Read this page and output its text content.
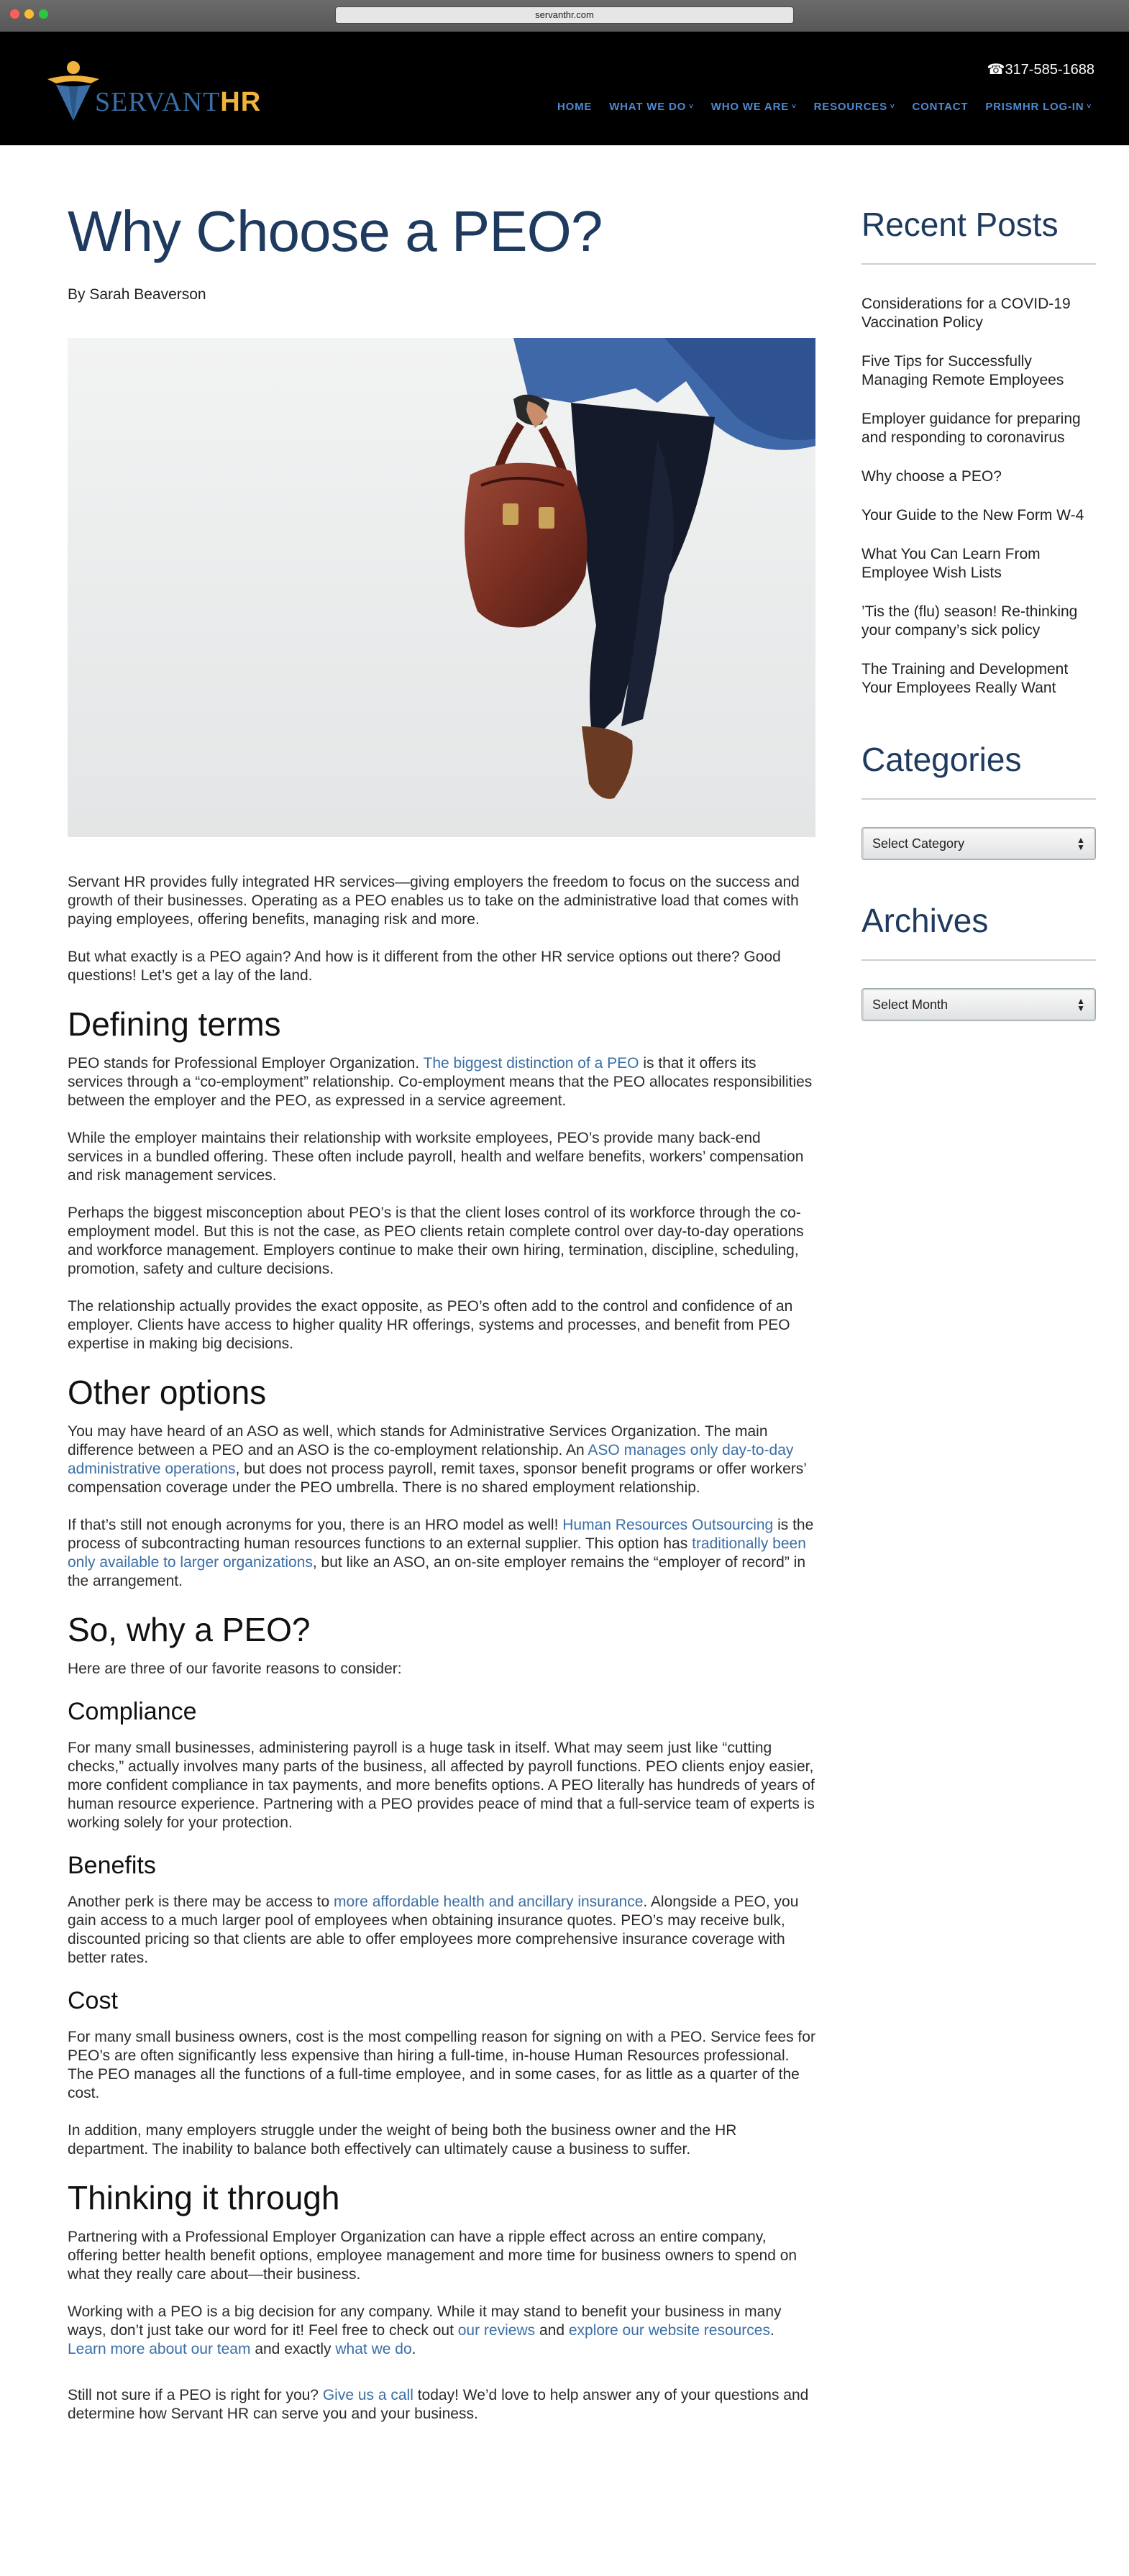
servanthr.com
SERVANTHR
☎317-585-1688
HOME WHAT WE DO ˅ WHO WE ARE ˅ RESOURCES ˅ CONTACT PRISMHR LOG-IN ˅
Why Choose a PEO?
By Sarah Beaverson

Servant HR provides fully integrated HR services—giving employers the freedom to focus on the success and growth of their businesses. Operating as a PEO enables us to take on the administrative load that comes with paying employees, offering benefits, managing risk and more.

But what exactly is a PEO again? And how is it different from the other HR service options out there? Good questions! Let’s get a lay of the land.

Defining terms

PEO stands for Professional Employer Organization. The biggest distinction of a PEO is that it offers its services through a “co-employment” relationship. Co-employment means that the PEO allocates responsibilities between the employer and the PEO, as expressed in a service agreement.

While the employer maintains their relationship with worksite employees, PEO’s provide many back-end services in a bundled offering. These often include payroll, health and welfare benefits, workers’ compensation and risk management services.

Perhaps the biggest misconception about PEO’s is that the client loses control of its workforce through the co-employment model. But this is not the case, as PEO clients retain complete control over day-to-day operations and workforce management. Employers continue to make their own hiring, termination, discipline, scheduling, promotion, safety and culture decisions.

The relationship actually provides the exact opposite, as PEO’s often add to the control and confidence of an employer. Clients have access to higher quality HR offerings, systems and processes, and benefit from PEO expertise in making big decisions.

Other options

You may have heard of an ASO as well, which stands for Administrative Services Organization. The main difference between a PEO and an ASO is the co-employment relationship. An ASO manages only day-to-day administrative operations, but does not process payroll, remit taxes, sponsor benefit programs or offer workers’ compensation coverage under the PEO umbrella. There is no shared employment relationship.

If that’s still not enough acronyms for you, there is an HRO model as well! Human Resources Outsourcing is the process of subcontracting human resources functions to an external supplier. This option has traditionally been only available to larger organizations, but like an ASO, an on-site employer remains the “employer of record” in the arrangement.

So, why a PEO?

Here are three of our favorite reasons to consider:

Compliance

For many small businesses, administering payroll is a huge task in itself. What may seem just like “cutting checks,” actually involves many parts of the business, all affected by payroll functions. PEO clients enjoy easier, more confident compliance in tax payments, and more benefits options. A PEO literally has hundreds of years of human resource experience. Partnering with a PEO provides peace of mind that a full-service team of experts is working solely for your protection.

Benefits

Another perk is there may be access to more affordable health and ancillary insurance. Alongside a PEO, you gain access to a much larger pool of employees when obtaining insurance quotes. PEO’s may receive bulk, discounted pricing so that clients are able to offer employees more comprehensive insurance coverage with better rates.

Cost

For many small business owners, cost is the most compelling reason for signing on with a PEO. Service fees for PEO’s are often significantly less expensive than hiring a full-time, in-house Human Resources professional. The PEO manages all the functions of a full-time employee, and in some cases, for as little as a quarter of the cost.

In addition, many employers struggle under the weight of being both the business owner and the HR department. The inability to balance both effectively can ultimately cause a business to suffer.

Thinking it through

Partnering with a Professional Employer Organization can have a ripple effect across an entire company, offering better health benefit options, employee management and more time for business owners to spend on what they really care about—their business.

Working with a PEO is a big decision for any company. While it may stand to benefit your business in many ways, don’t just take our word for it! Feel free to check out our reviews and explore our website resources. Learn more about our team and exactly what we do.

Still not sure if a PEO is right for you? Give us a call today! We’d love to help answer any of your questions and determine how Servant HR can serve you and your business.

Recent Posts
Considerations for a COVID-19 Vaccination Policy
Five Tips for Successfully Managing Remote Employees
Employer guidance for preparing and responding to coronavirus
Why choose a PEO?
Your Guide to the New Form W-4
What You Can Learn From Employee Wish Lists
’Tis the (flu) season! Re-thinking your company’s sick policy
The Training and Development Your Employees Really Want
Categories
Select Category	▲
▼
Archives
Select Month	▲
▼
